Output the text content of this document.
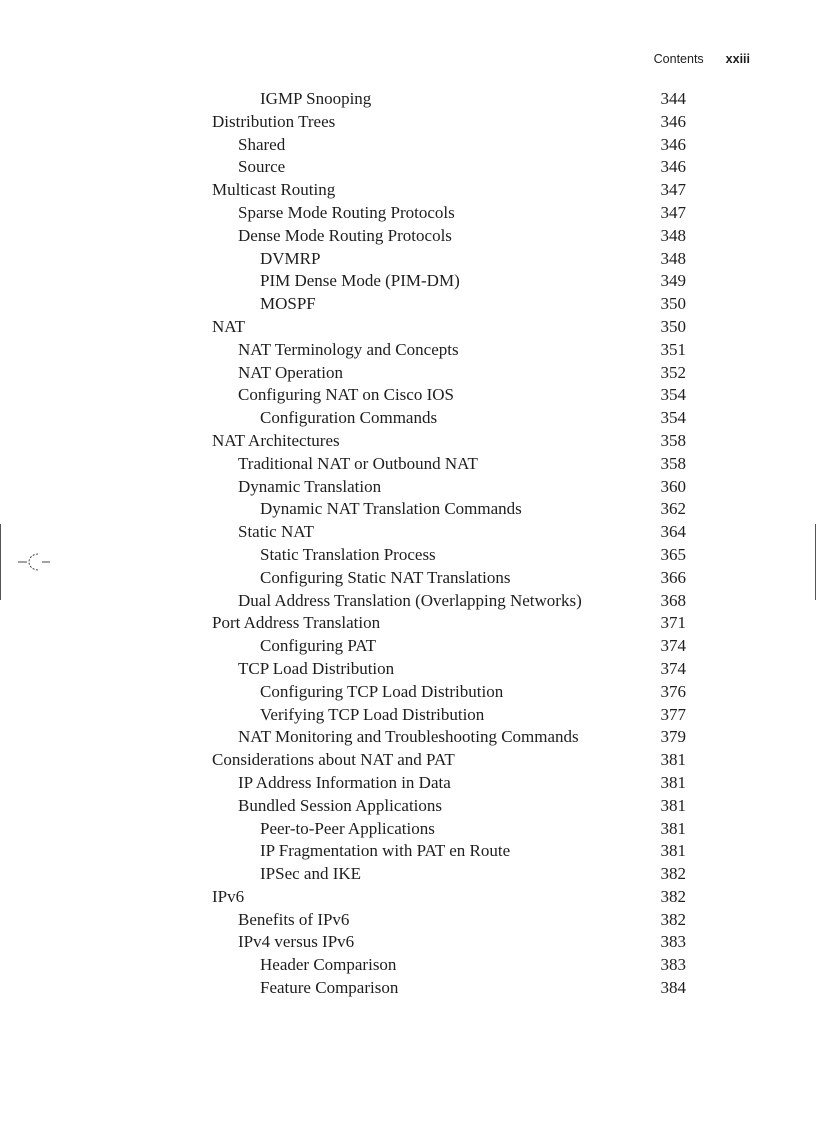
Contents xxiii
IGMP Snooping	344
Distribution Trees	346
Shared	346
Source	346
Multicast Routing	347
Sparse Mode Routing Protocols	347
Dense Mode Routing Protocols	348
DVMRP	348
PIM Dense Mode (PIM-DM)	349
MOSPF	350
NAT	350
NAT Terminology and Concepts	351
NAT Operation	352
Configuring NAT on Cisco IOS	354
Configuration Commands	354
NAT Architectures	358
Traditional NAT or Outbound NAT	358
Dynamic Translation	360
Dynamic NAT Translation Commands	362
Static NAT	364
Static Translation Process	365
Configuring Static NAT Translations	366
Dual Address Translation (Overlapping Networks)	368
Port Address Translation	371
Configuring PAT	374
TCP Load Distribution	374
Configuring TCP Load Distribution	376
Verifying TCP Load Distribution	377
NAT Monitoring and Troubleshooting Commands	379
Considerations about NAT and PAT	381
IP Address Information in Data	381
Bundled Session Applications	381
Peer-to-Peer Applications	381
IP Fragmentation with PAT en Route	381
IPSec and IKE	382
IPv6	382
Benefits of IPv6	382
IPv4 versus IPv6	383
Header Comparison	383
Feature Comparison	384
